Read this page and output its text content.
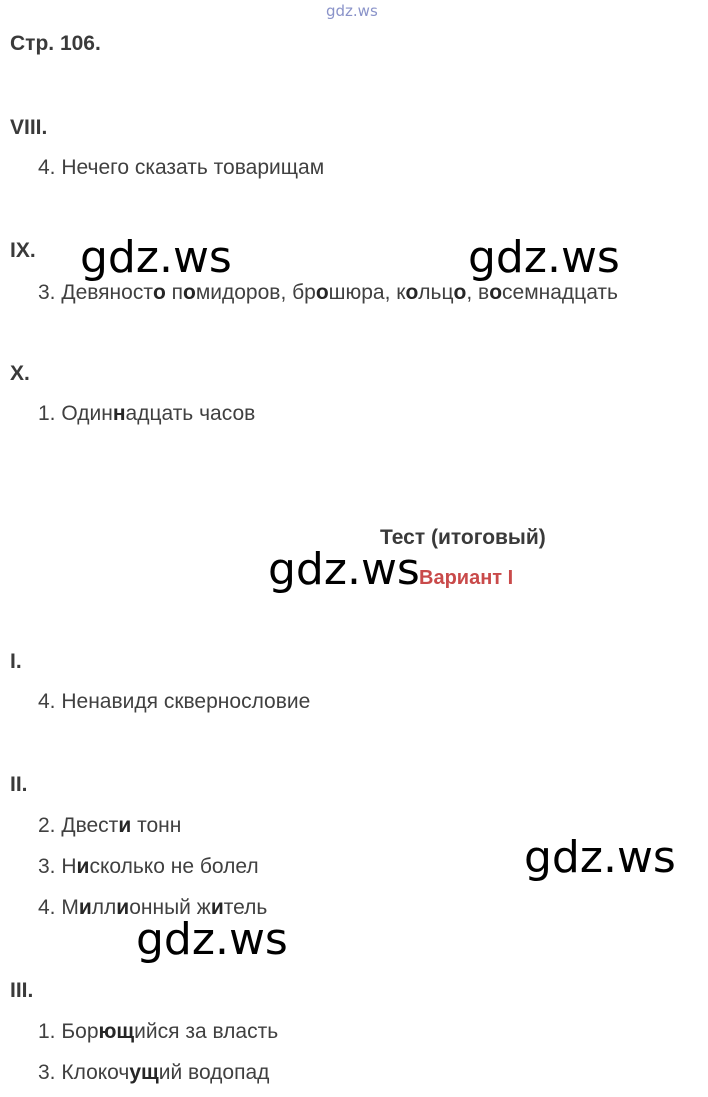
gdz.ws
Стр. 106.
VIII.
4. Нечего сказать товарищам
IX.
3. Девяносто помидоров, брошюра, кольцо, восемнадцать
X.
1. Одиннадцать часов
Тест (итоговый)
Вариант I
I.
4. Ненавидя сквернословие
II.
2. Двести тонн
3. Нисколько не болел
4. Миллионный житель
III.
1. Борющийся за власть
3. Клокочущий водопад
gdz.ws	gdz.ws
gdz.ws
gdz.ws
gdz.ws
